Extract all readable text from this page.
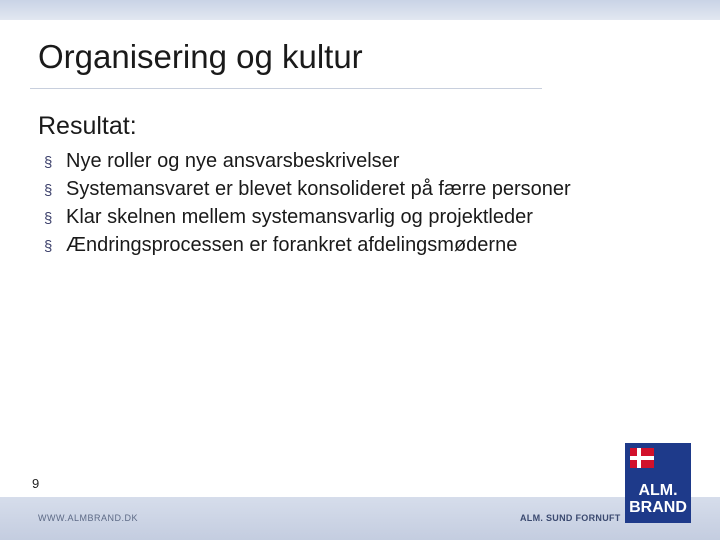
Organisering og kultur
Resultat:
§ Nye roller og nye ansvarsbeskrivelser
§ Systemansvaret er blevet konsolideret på færre personer
§ Klar skelnen mellem systemansvarlig og projektleder
§ Ændringsprocessen er forankret afdelingsmøderne
9
WWW.ALMBRAND.DK	ALM. SUND FORNUFT
ALM.
BRAND
